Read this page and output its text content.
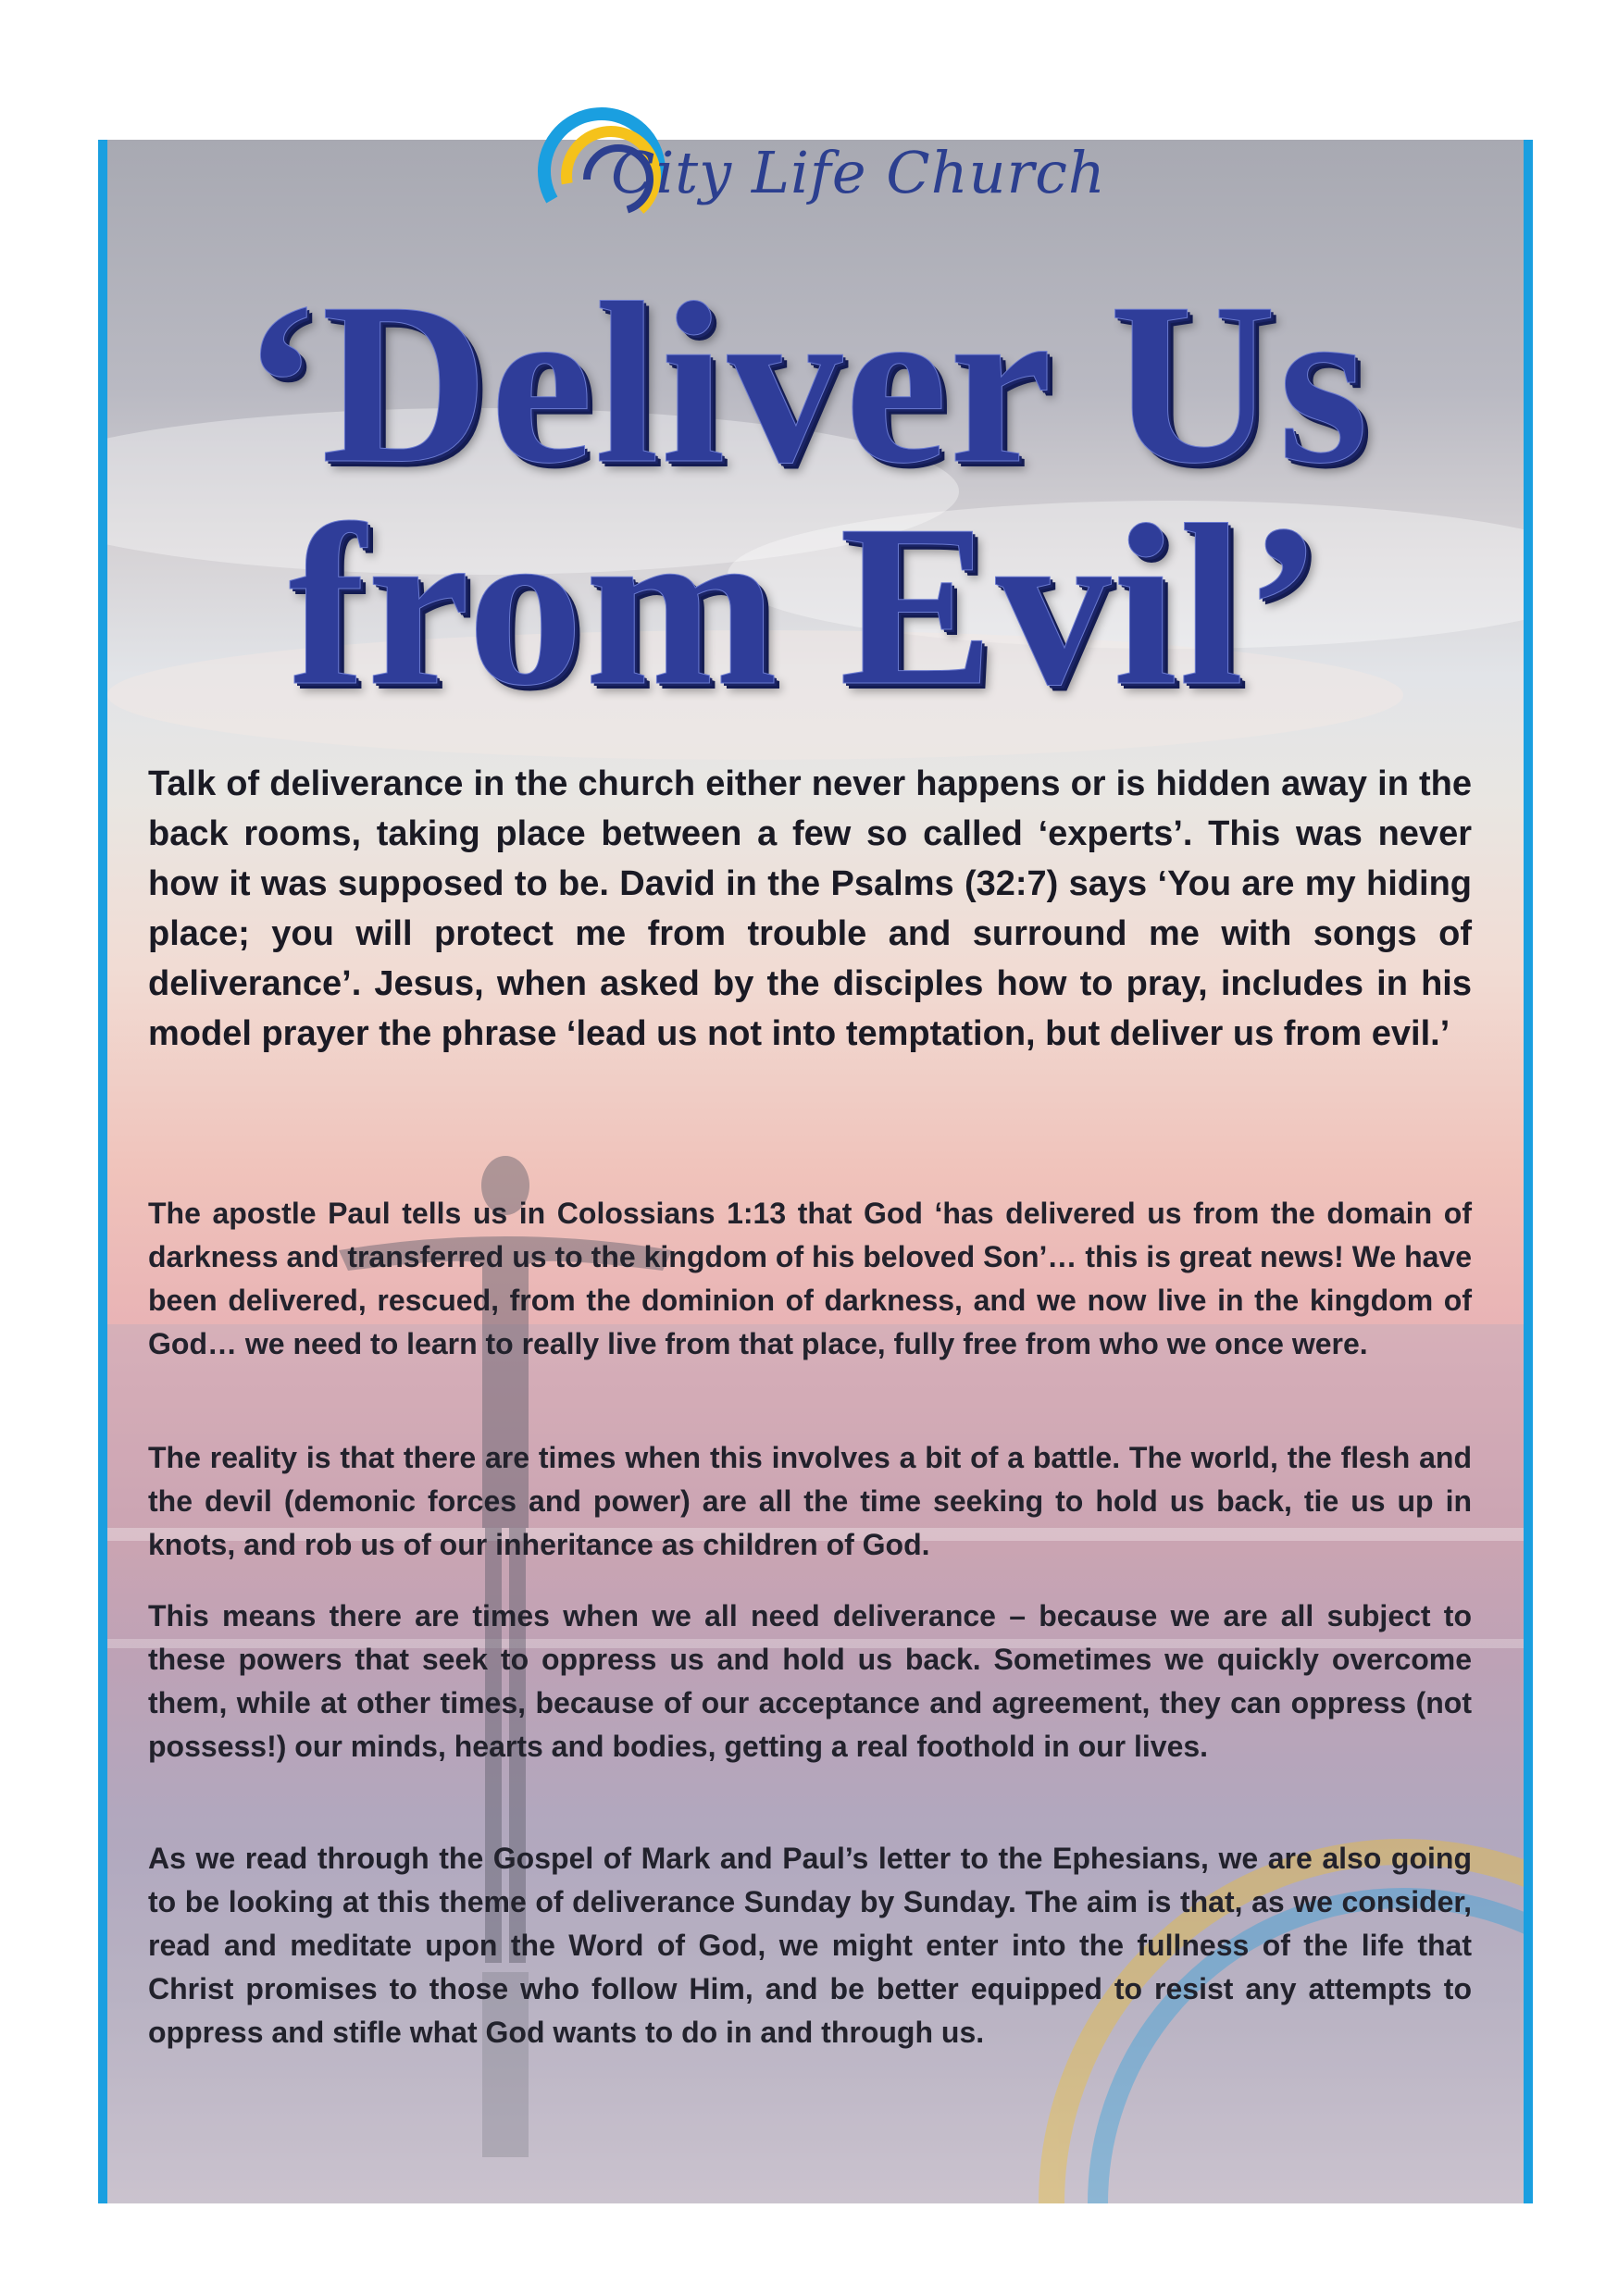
City Life Church
‘Deliver Us
from Evil’
Talk of deliverance in the church either never happens or is hidden away in the back rooms, taking place between a few so called ‘experts’. This was never how it was supposed to be. David in the Psalms (32:7) says ‘You are my hiding place; you will protect me from trouble and surround me with songs of deliverance’. Jesus, when asked by the disciples how to pray, includes in his model prayer the phrase ‘lead us not into temptation, but deliver us from evil.’
The apostle Paul tells us in Colossians 1:13 that God ‘has delivered us from the domain of darkness and transferred us to the kingdom of his beloved Son’… this is great news! We have been delivered, rescued, from the dominion of darkness, and we now live in the kingdom of God… we need to learn to really live from that place, fully free from who we once were.
The reality is that there are times when this involves a bit of a battle. The world, the flesh and the devil (demonic forces and power) are all the time seeking to hold us back, tie us up in knots, and rob us of our inheritance as children of God.
This means there are times when we all need deliverance – because we are all subject to these powers that seek to oppress us and hold us back. Sometimes we quickly overcome them, while at other times, because of our acceptance and agreement, they can oppress (not possess!) our minds, hearts and bodies, getting a real foothold in our lives.
As we read through the Gospel of Mark and Paul’s letter to the Ephesians, we are also going to be looking at this theme of deliverance Sunday by Sunday. The aim is that, as we consider, read and meditate upon the Word of God, we might enter into the fullness of the life that Christ promises to those who follow Him, and be better equipped to resist any attempts to oppress and stifle what God wants to do in and through us.
